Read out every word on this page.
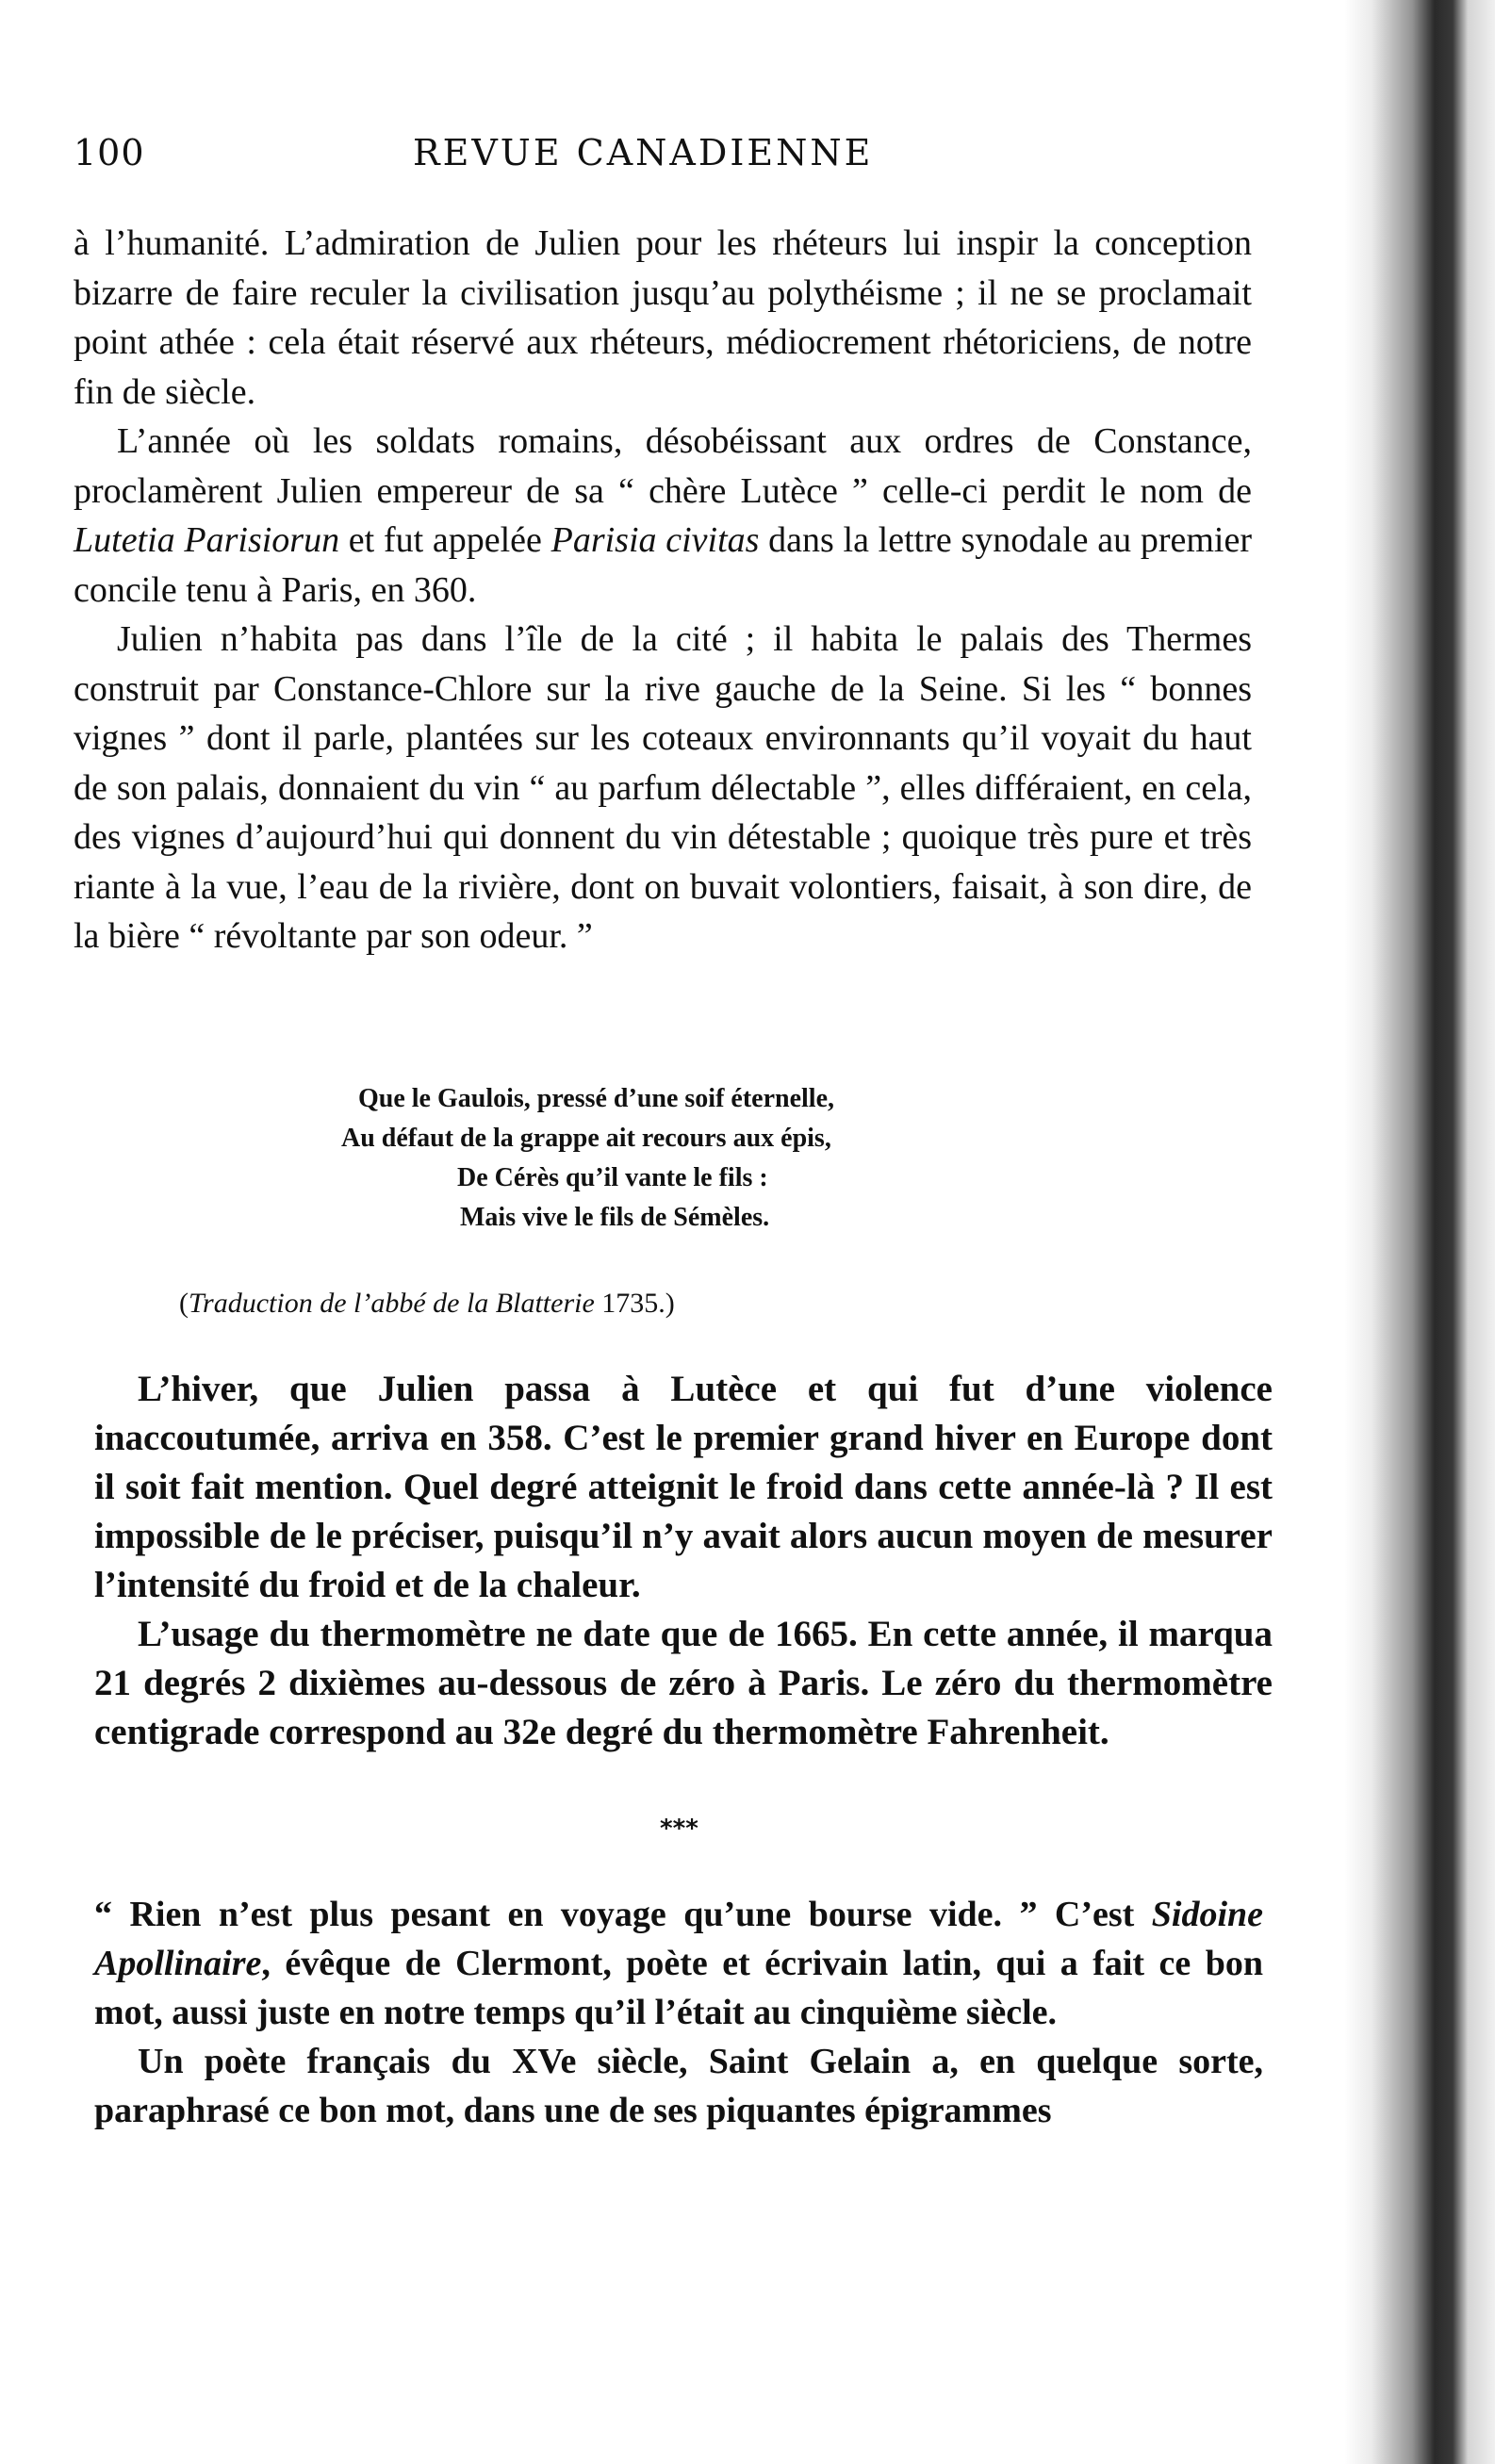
100	REVUE CANADIENNE

à l’humanité. L’admiration de Julien pour les rhéteurs lui inspir la conception bizarre de faire reculer la civilisation jusqu’au polythéisme ; il ne se proclamait point athée : cela était réservé aux rhéteurs, médiocrement rhétoriciens, de notre fin de siècle.

L’année où les soldats romains, désobéissant aux ordres de Constance, proclamèrent Julien empereur de sa “ chère Lutèce ” celle-ci perdit le nom de Lutetia Parisiorun et fut appelée Parisia civitas dans la lettre synodale au premier concile tenu à Paris, en 360.

Julien n’habita pas dans l’île de la cité ; il habita le palais des Thermes construit par Constance-Chlore sur la rive gauche de la Seine. Si les “ bonnes vignes ” dont il parle, plantées sur les coteaux environnants qu’il voyait du haut de son palais, donnaient du vin “ au parfum délectable ”, elles différaient, en cela, des vignes d’aujourd’hui qui donnent du vin détestable ; quoique très pure et très riante à la vue, l’eau de la rivière, dont on buvait volontiers, faisait, à son dire, de la bière “ révoltante par son odeur. ”

Que le Gaulois, pressé d’une soif éternelle,
Au défaut de la grappe ait recours aux épis,
De Cérès qu’il vante le fils :
Mais vive le fils de Sémèles.
(Traduction de l’abbé de la Blatterie 1735.)

L’hiver, que Julien passa à Lutèce et qui fut d’une violence inaccoutumée, arriva en 358. C’est le premier grand hiver en Europe dont il soit fait mention. Quel degré atteignit le froid dans cette année-là ? Il est impossible de le préciser, puisqu’il n’y avait alors aucun moyen de mesurer l’intensité du froid et de la chaleur.

L’usage du thermomètre ne date que de 1665. En cette année, il marqua 21 degrés 2 dixièmes au-dessous de zéro à Paris. Le zéro du thermomètre centigrade correspond au 32e degré du thermomètre Fahrenheit.

***

“ Rien n’est plus pesant en voyage qu’une bourse vide. ” C’est Sidoine Apollinaire, évêque de Clermont, poète et écrivain latin, qui a fait ce bon mot, aussi juste en notre temps qu’il l’était au cinquième siècle.

Un poète français du XVe siècle, Saint Gelain a, en quelque sorte, paraphrasé ce bon mot, dans une de ses piquantes épigrammes
